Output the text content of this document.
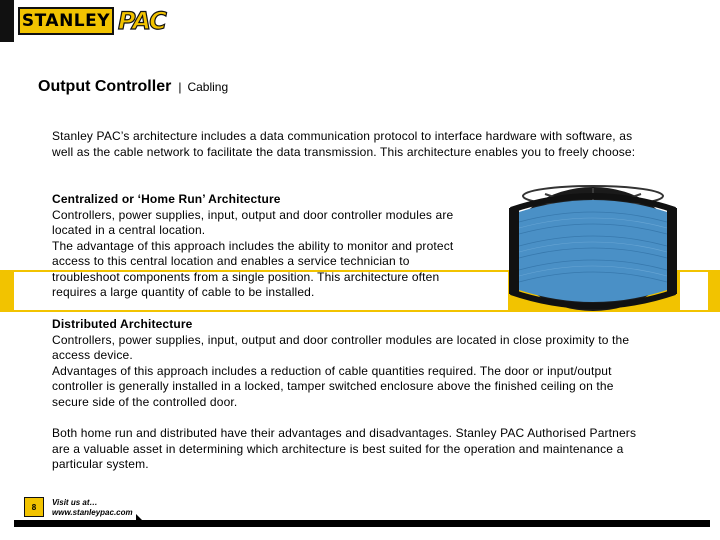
STANLEY PAC
Output Controller | Cabling
Stanley PAC’s architecture includes a data communication protocol to interface hardware with software, as well as the cable network to facilitate the data transmission. This architecture enables you to freely choose:
Centralized or ‘Home Run’ Architecture
Controllers, power supplies, input, output and door controller modules are located in a central location.
The advantage of this approach includes the ability to monitor and protect access to this central location and enables a service technician to troubleshoot components from a single position. This architecture often requires a large quantity of cable to be installed.
Distributed Architecture
Controllers, power supplies, input, output and door controller modules are located in close proximity to the access device.
Advantages of this approach includes a reduction of cable quantities required. The door or input/output controller is generally installed in a locked, tamper switched enclosure above the finished ceiling on the secure side of the controlled door.
Both home run and distributed have their advantages and disadvantages. Stanley PAC Authorised Partners are a valuable asset in determining which architecture is best suited for the operation and maintenance a particular system.
8 Visit us at…
www.stanleypac.com
